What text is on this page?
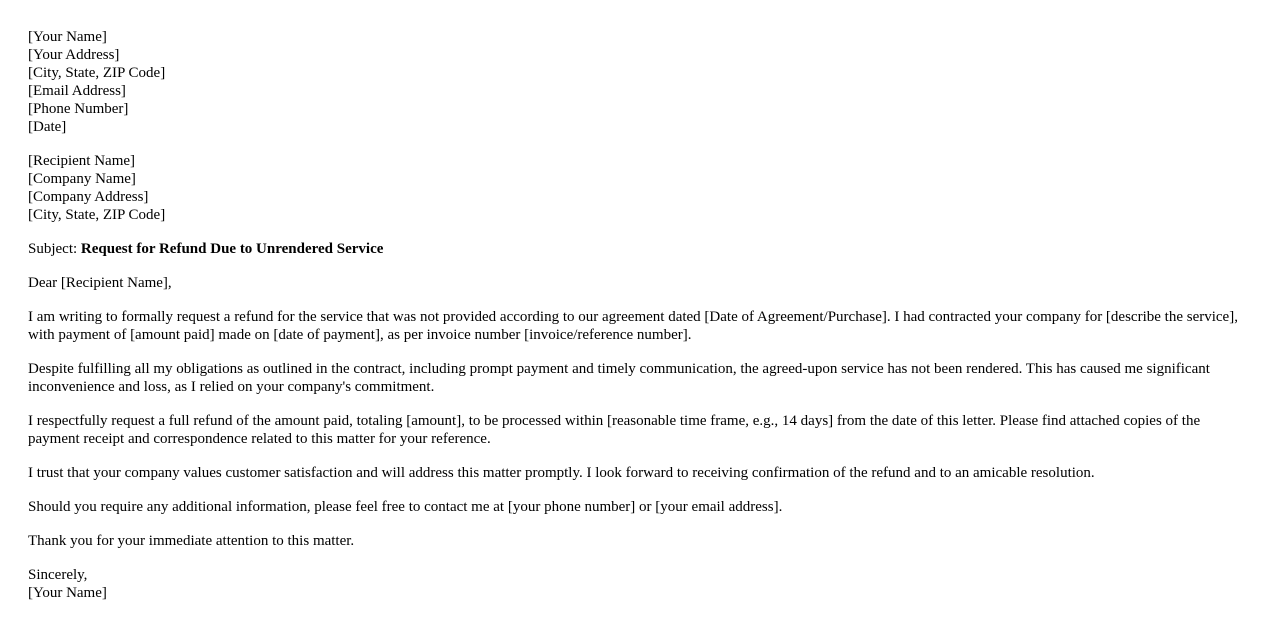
[Your Name]
[Your Address]
[City, State, ZIP Code]
[Email Address]
[Phone Number]
[Date]
[Recipient Name]
[Company Name]
[Company Address]
[City, State, ZIP Code]

Subject: Request for Refund Due to Unrendered Service

Dear [Recipient Name],

I am writing to formally request a refund for the service that was not provided according to our agreement dated [Date of Agreement/Purchase]. I had contracted your company for [describe the service], with payment of [amount paid] made on [date of payment], as per invoice number [invoice/reference number].

Despite fulfilling all my obligations as outlined in the contract, including prompt payment and timely communication, the agreed-upon service has not been rendered. This has caused me significant inconvenience and loss, as I relied on your company's commitment.

I respectfully request a full refund of the amount paid, totaling [amount], to be processed within [reasonable time frame, e.g., 14 days] from the date of this letter. Please find attached copies of the payment receipt and correspondence related to this matter for your reference.

I trust that your company values customer satisfaction and will address this matter promptly. I look forward to receiving confirmation of the refund and to an amicable resolution.

Should you require any additional information, please feel free to contact me at [your phone number] or [your email address].

Thank you for your immediate attention to this matter.

Sincerely,
[Your Name]
